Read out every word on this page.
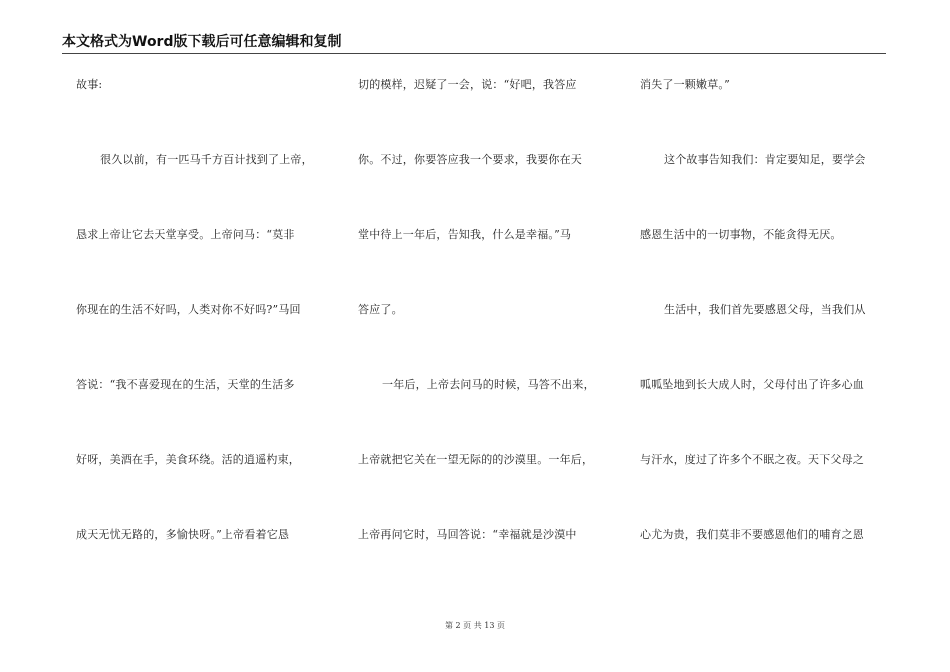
本文格式为Word版下载后可任意编辑和复制
故事:
很久以前，有一匹马千方百计找到了上帝，
恳求上帝让它去天堂享受。上帝问马：“莫非
你现在的生活不好吗，人类对你不好吗?”马回
答说：“我不喜爱现在的生活，天堂的生活多
好呀，美酒在手，美食环绕。活的逍遥杓束，
成天无忧无路的，多愉快呀。”上帝看着它恳
切的模样，迟疑了一会，说：“好吧，我答应
你。不过，你要答应我一个要求，我要你在天
堂中待上一年后，告知我，什么是幸福。”马
答应了。
一年后，上帝去问马的时候，马答不出来，
上帝就把它关在一望无际的的沙漠里。一年后，
上帝再问它时，马回答说：“幸福就是沙漠中
消失了一颗嫩草。”
这个故事告知我们：肯定要知足，要学会
感恩生活中的一切事物，不能贪得无厌。
生活中，我们首先要感恩父母，当我们从
呱呱坠地到长大成人时，父母付出了许多心血
与汗水，度过了许多个不眠之夜。天下父母之
心尤为贵，我们莫非不要感恩他们的哺育之恩
第 2 页 共 13 页
